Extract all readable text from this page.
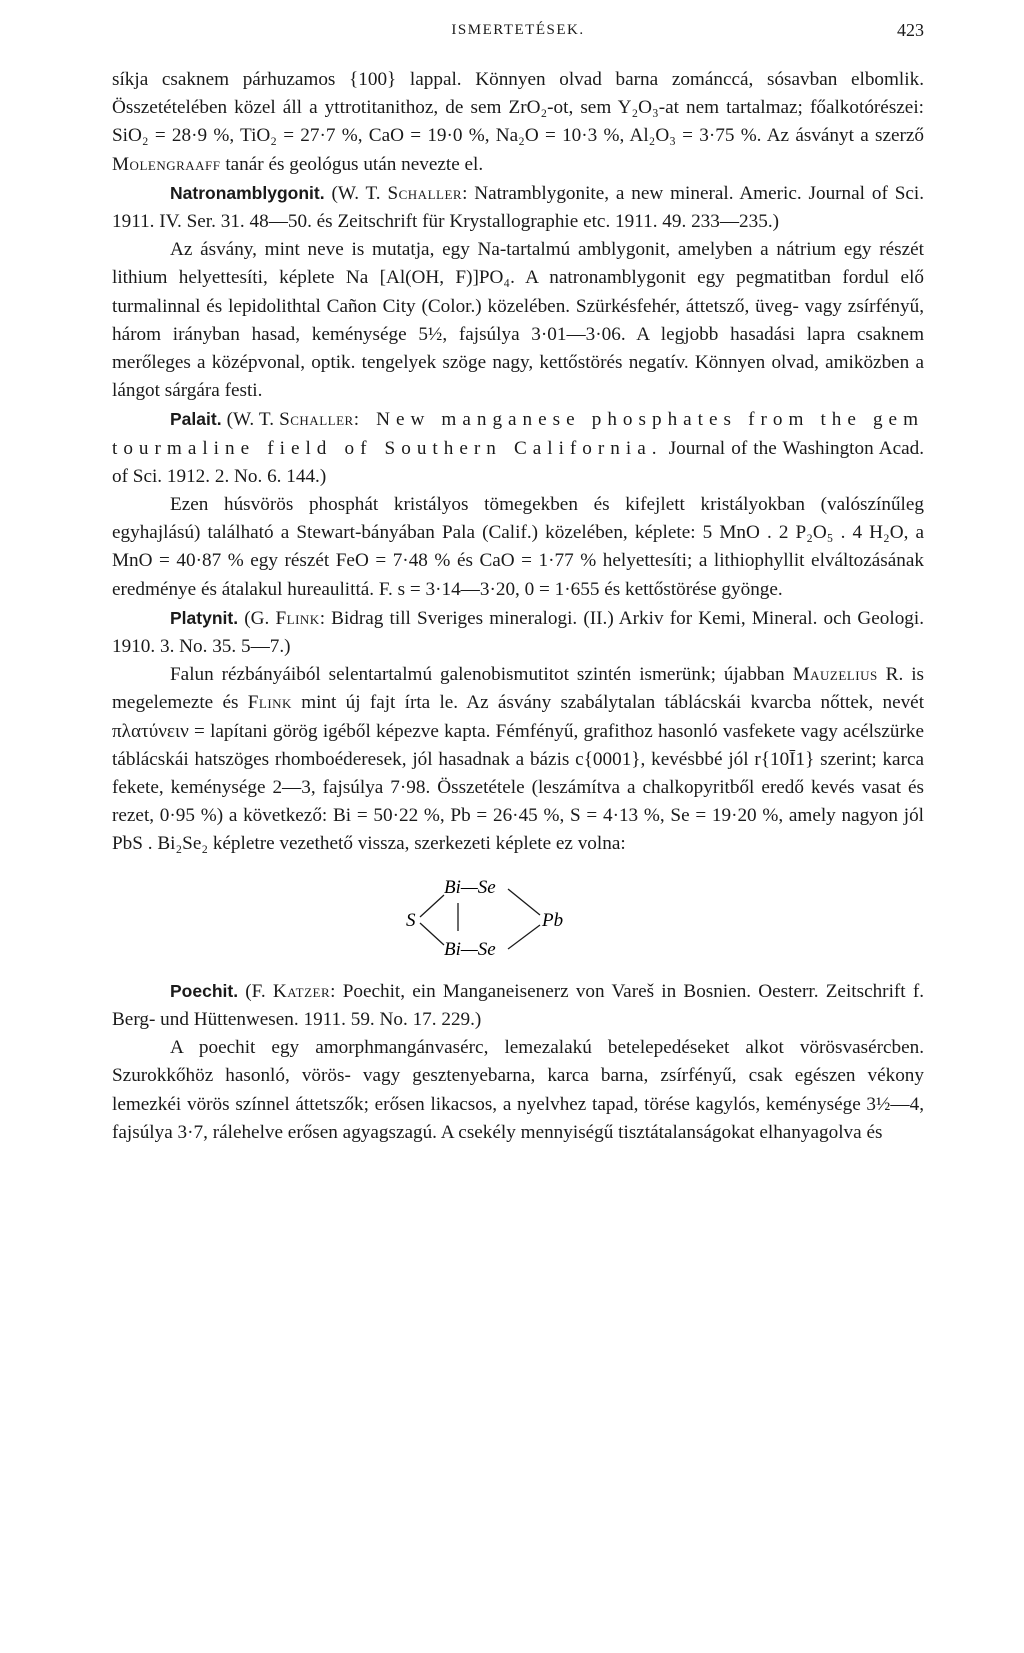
ISMERTETÉSEK.	423

síkja csaknem párhuzamos {100} lappal. Könnyen olvad barna zománccá, sósavban elbomlik. Összetételében közel áll a yttrotitanithoz, de sem ZrO₂-ot, sem Y₂O₃-at nem tartalmaz; főalkotórészei: SiO₂ = 28·9 %, TiO₂ = 27·7 %, CaO = 19·0 %, Na₂O = 10·3 %, Al₂O₃ = 3·75 %. Az ásványt a szerző Molengraaff tanár és geológus után nevezte el.

Natronamblygonit. (W. T. Schaller: Natramblygonite, a new mineral. Americ. Journal of Sci. 1911. IV. Ser. 31. 48—50. és Zeitschrift für Krystallographie etc. 1911. 49. 233—235.)

Az ásvány, mint neve is mutatja, egy Na-tartalmú amblygonit, amelyben a nátrium egy részét lithium helyettesíti, képlete Na [Al(OH, F)]PO₄. A natronamblygonit egy pegmatitban fordul elő turmalinnal és lepidolithtal Cañon City (Color.) közelében. Szürkésfehér, áttetsző, üveg- vagy zsírfényű, három irányban hasad, keménysége 5½, fajsúlya 3·01—3·06. A legjobb hasadási lapra csaknem merőleges a középvonal, optik. tengelyek szöge nagy, kettőstörés negatív. Könnyen olvad, amiközben a lángot sárgára festi.

Palait. (W. T. Schaller: New manganese phosphates from the gem tourmaline field of Southern California. Journal of the Washington Acad. of Sci. 1912. 2. No. 6. 144.)

Ezen húsvörös phosphát kristályos tömegekben és kifejlett kristályokban (valószínűleg egyhajlású) található a Stewart-bányában Pala (Calif.) közelében, képlete: 5 MnO . 2 P₂O₅ . 4 H₂O, a MnO = 40·87 % egy részét FeO = 7·48 % és CaO = 1·77 % helyettesíti; a lithiophyllit elváltozásának eredménye és átalakul hureaulittá. F. s = 3·14—3·20, 0 = 1·655 és kettőstörése gyönge.

Platynit. (G. Flink: Bidrag till Sveriges mineralogi. (II.) Arkiv for Kemi, Mineral. och Geologi. 1910. 3. No. 35. 5—7.)

Falun rézbányáiból selentartalmú galenobismutitot szintén ismerünk; újabban Mauzelius R. is megelemezte és Flink mint új fajt írta le. Az ásvány szabálytalan táblácskái kvarcba nőttek, nevét πλατύνειν = lapítani görög igéből képezve kapta. Fémfényű, grafithoz hasonló vasfekete vagy acélszürke táblácskái hatszöges rhomboéderesek, jól hasadnak a bázis c{0001}, kevésbbé jól r{10Ī1} szerint; karca fekete, keménysége 2—3, fajsúlya 7·98. Összetétele (leszámítva a chalkopyritből eredő kevés vasat és rezet, 0·95 %) a következő: Bi = 50·22 %, Pb = 26·45 %, S = 4·13 %, Se = 19·20 %, amely nagyon jól PbS . Bi₂Se₂ képletre vezethető vissza, szerkezeti képlete ez volna:

S
Bi—Se
Bi—Se
Pb

Poechit. (F. Katzer: Poechit, ein Manganeisenerz von Vareš in Bosnien. Oesterr. Zeitschrift f. Berg- und Hüttenwesen. 1911. 59. No. 17. 229.)

A poechit egy amorphmangánvasérc, lemezalakú betelepedéseket alkot vörösvasércben. Szurokkőhöz hasonló, vörös- vagy gesztenyebarna, karca barna, zsírfényű, csak egészen vékony lemezkéi vörös színnel áttetszők; erősen likacsos, a nyelvhez tapad, törése kagylós, keménysége 3½—4, fajsúlya 3·7, rálehelve erősen agyagszagú. A csekély mennyiségű tisztátalanságokat elhanyagolva és
